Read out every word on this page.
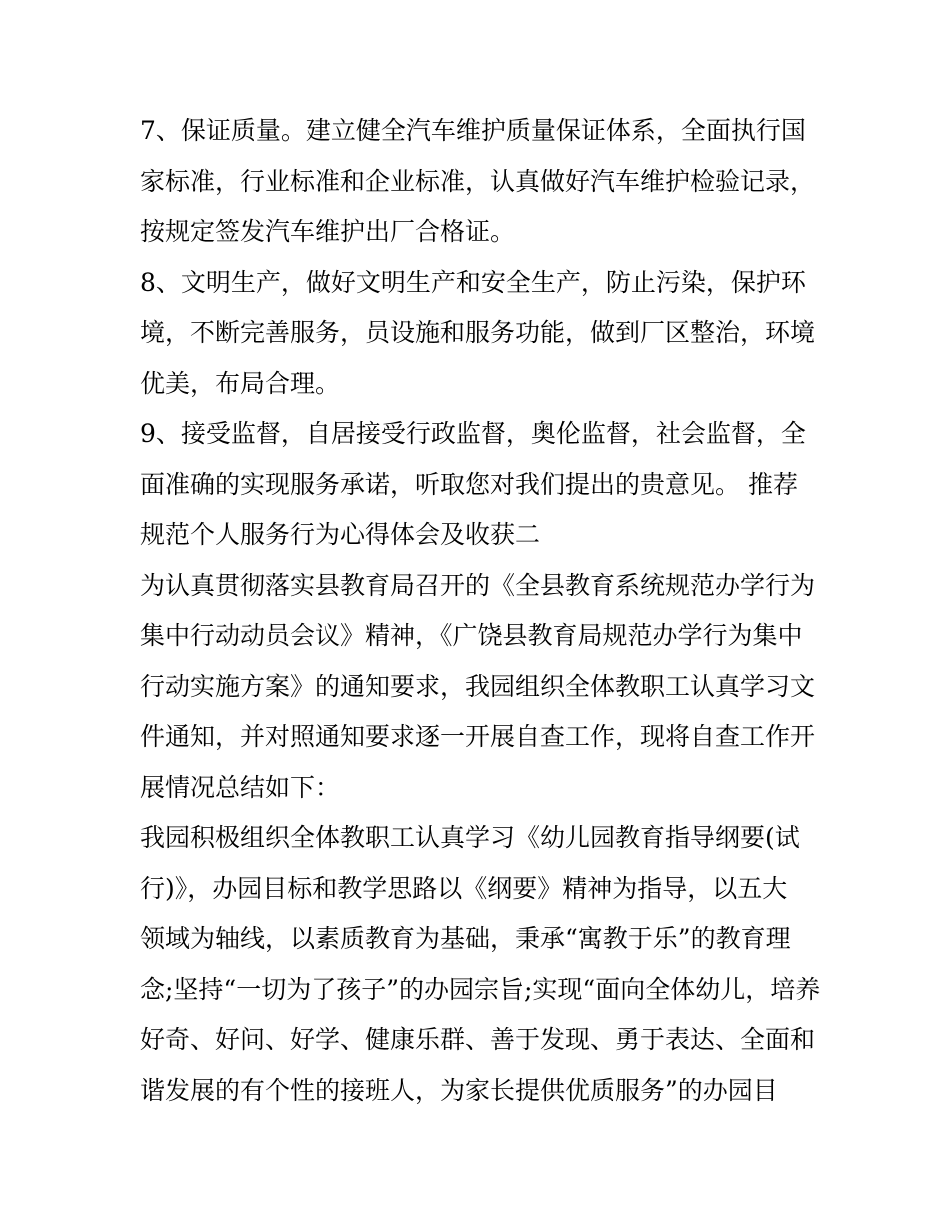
7、保证质量。建立健全汽车维护质量保证体系，全面执行国
家标准，行业标准和企业标准，认真做好汽车维护检验记录，
按规定签发汽车维护出厂合格证。
8、文明生产，做好文明生产和安全生产，防止污染，保护环
境，不断完善服务，员设施和服务功能，做到厂区整治，环境
优美，布局合理。
9、接受监督，自居接受行政监督，奥伦监督，社会监督，全
面准确的实现服务承诺，听取您对我们提出的贵意见。 推荐
规范个人服务行为心得体会及收获二
为认真贯彻落实县教育局召开的《全县教育系统规范办学行为
集中行动动员会议》精神，《广饶县教育局规范办学行为集中
行动实施方案》的通知要求，我园组织全体教职工认真学习文
件通知，并对照通知要求逐一开展自查工作，现将自查工作开
展情况总结如下：
我园积极组织全体教职工认真学习《幼儿园教育指导纲要(试
行)》，办园目标和教学思路以《纲要》精神为指导，以五大
领域为轴线，以素质教育为基础，秉承“寓教于乐”的教育理
念;坚持“一切为了孩子”的办园宗旨;实现“面向全体幼儿，培养
好奇、好问、好学、健康乐群、善于发现、勇于表达、全面和
谐发展的有个性的接班人，为家长提供优质服务”的办园目
